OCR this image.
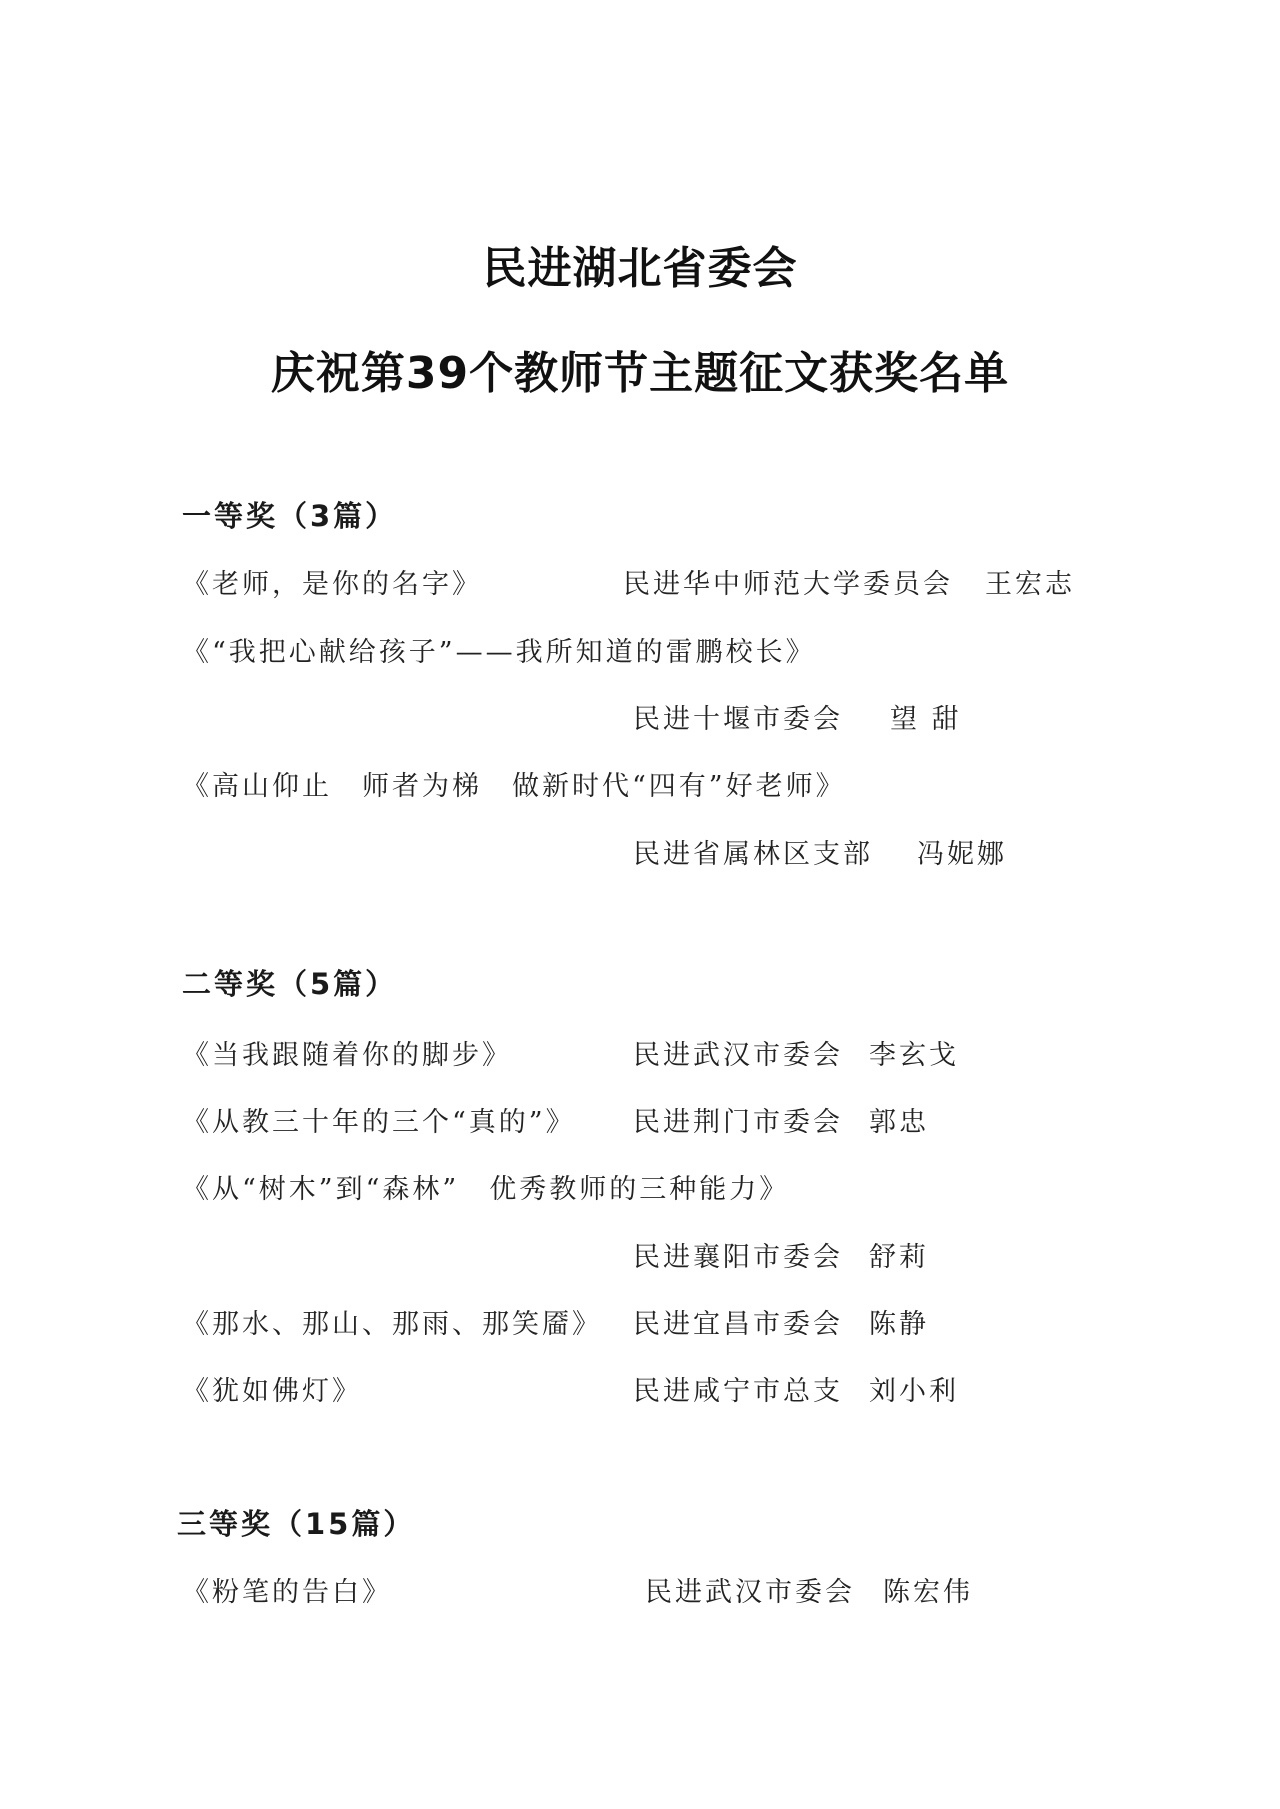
民进湖北省委会
庆祝第39个教师节主题征文获奖名单
一等奖（3篇）
《老师，是你的名字》	民进华中师范大学委员会 王宏志
《“我把心献给孩子”——我所知道的雷鹏校长》
民进十堰市委会 望 甜
《高山仰止　师者为梯　做新时代“四有”好老师》
民进省属林区支部 冯妮娜
二等奖（5篇）
《当我跟随着你的脚步》	民进武汉市委会 李玄戈
《从教三十年的三个“真的”》 民进荆门市委会 郭忠
《从“树木”到“森林”　优秀教师的三种能力》
民进襄阳市委会 舒莉
《那水、那山、那雨、那笑靥》 民进宜昌市委会 陈静
《犹如佛灯》	民进咸宁市总支 刘小利
三等奖（15篇）
《粉笔的告白》	民进武汉市委会 陈宏伟
